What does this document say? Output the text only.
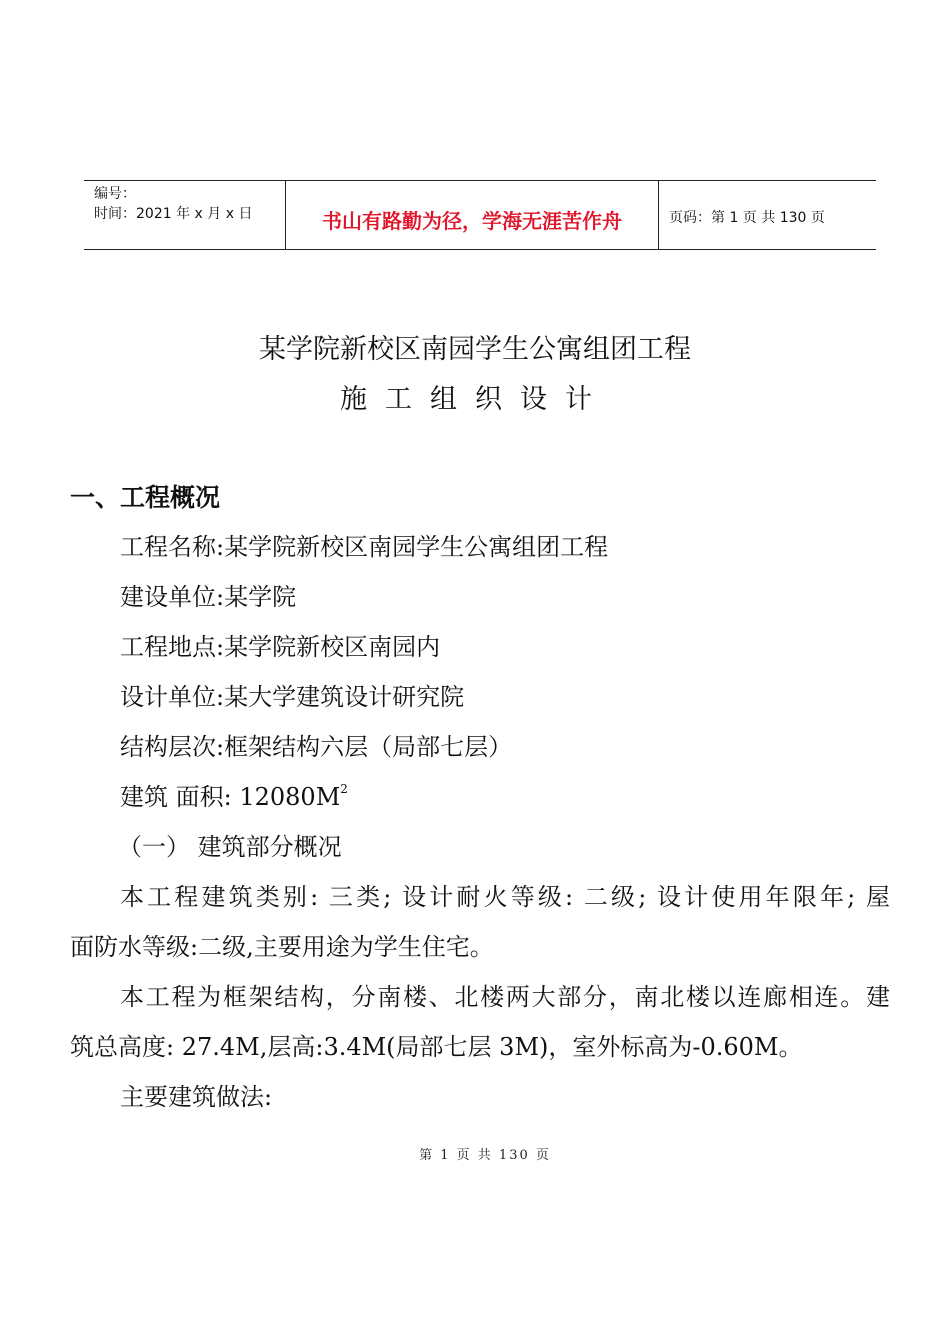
编号：
时间：2021 年 x 月 x 日	书山有路勤为径，学海无涯苦作舟	页码：第 1 页 共 130 页
某学院新校区南园学生公寓组团工程
施工组织设计
一、工程概况
工程名称:某学院新校区南园学生公寓组团工程
建设单位:某学院
工程地点:某学院新校区南园内
设计单位:某大学建筑设计研究院
结构层次:框架结构六层（局部七层）
建筑 面积: $12080M^2$
（一） 建筑部分概况
本工程建筑类别: 三类; 设计耐火等级: 二级; 设计使用年限年; 屋
面防水等级:二级,主要用途为学生住宅。
本工程为框架结构，分南楼、北楼两大部分，南北楼以连廊相连。建
筑总高度: 27.4M,层高:3.4M(局部七层 3M)，室外标高为-0.60M。
主要建筑做法:
第 1 页 共 130 页
